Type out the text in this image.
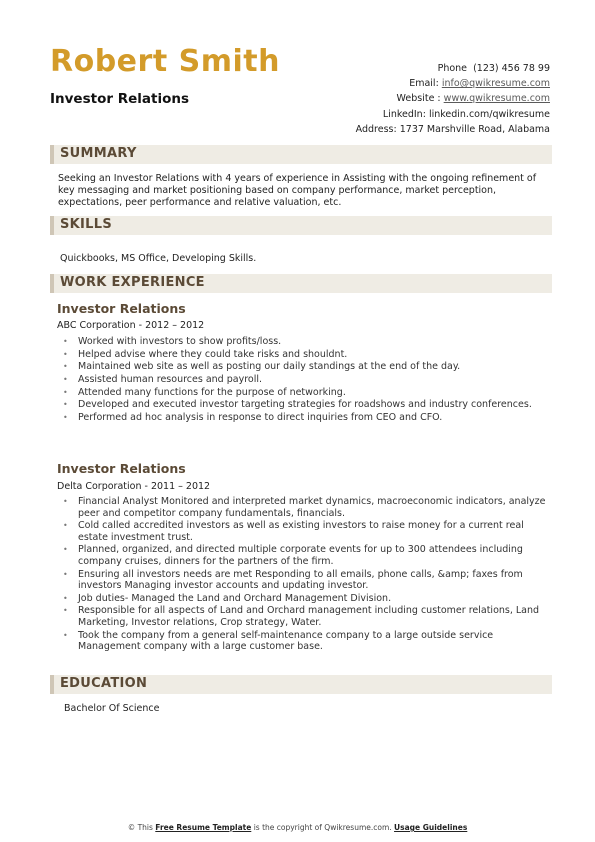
Robert Smith
Investor Relations
Phone (123) 456 78 99
Email: info@qwikresume.com
Website : www.qwikresume.com
LinkedIn: linkedin.com/qwikresume
Address: 1737 Marshville Road, Alabama
SUMMARY
Seeking an Investor Relations with 4 years of experience in Assisting with the ongoing refinement of key messaging and market positioning based on company performance, market perception, expectations, peer performance and relative valuation, etc.
SKILLS
Quickbooks, MS Office, Developing Skills.
WORK EXPERIENCE
Investor Relations
ABC Corporation - 2012 – 2012
• Worked with investors to show profits/loss.
• Helped advise where they could take risks and shouldnt.
• Maintained web site as well as posting our daily standings at the end of the day.
• Assisted human resources and payroll.
• Attended many functions for the purpose of networking.
• Developed and executed investor targeting strategies for roadshows and industry conferences.
• Performed ad hoc analysis in response to direct inquiries from CEO and CFO.
Investor Relations
Delta Corporation - 2011 – 2012
• Financial Analyst Monitored and interpreted market dynamics, macroeconomic indicators, analyze peer and competitor company fundamentals, financials.
• Cold called accredited investors as well as existing investors to raise money for a current real estate investment trust.
• Planned, organized, and directed multiple corporate events for up to 300 attendees including company cruises, dinners for the partners of the firm.
• Ensuring all investors needs are met Responding to all emails, phone calls, &amp; faxes from investors Managing investor accounts and updating investor.
• Job duties- Managed the Land and Orchard Management Division.
• Responsible for all aspects of Land and Orchard management including customer relations, Land Marketing, Investor relations, Crop strategy, Water.
• Took the company from a general self-maintenance company to a large outside service Management company with a large customer base.
EDUCATION
Bachelor Of Science
© This Free Resume Template is the copyright of Qwikresume.com. Usage Guidelines
